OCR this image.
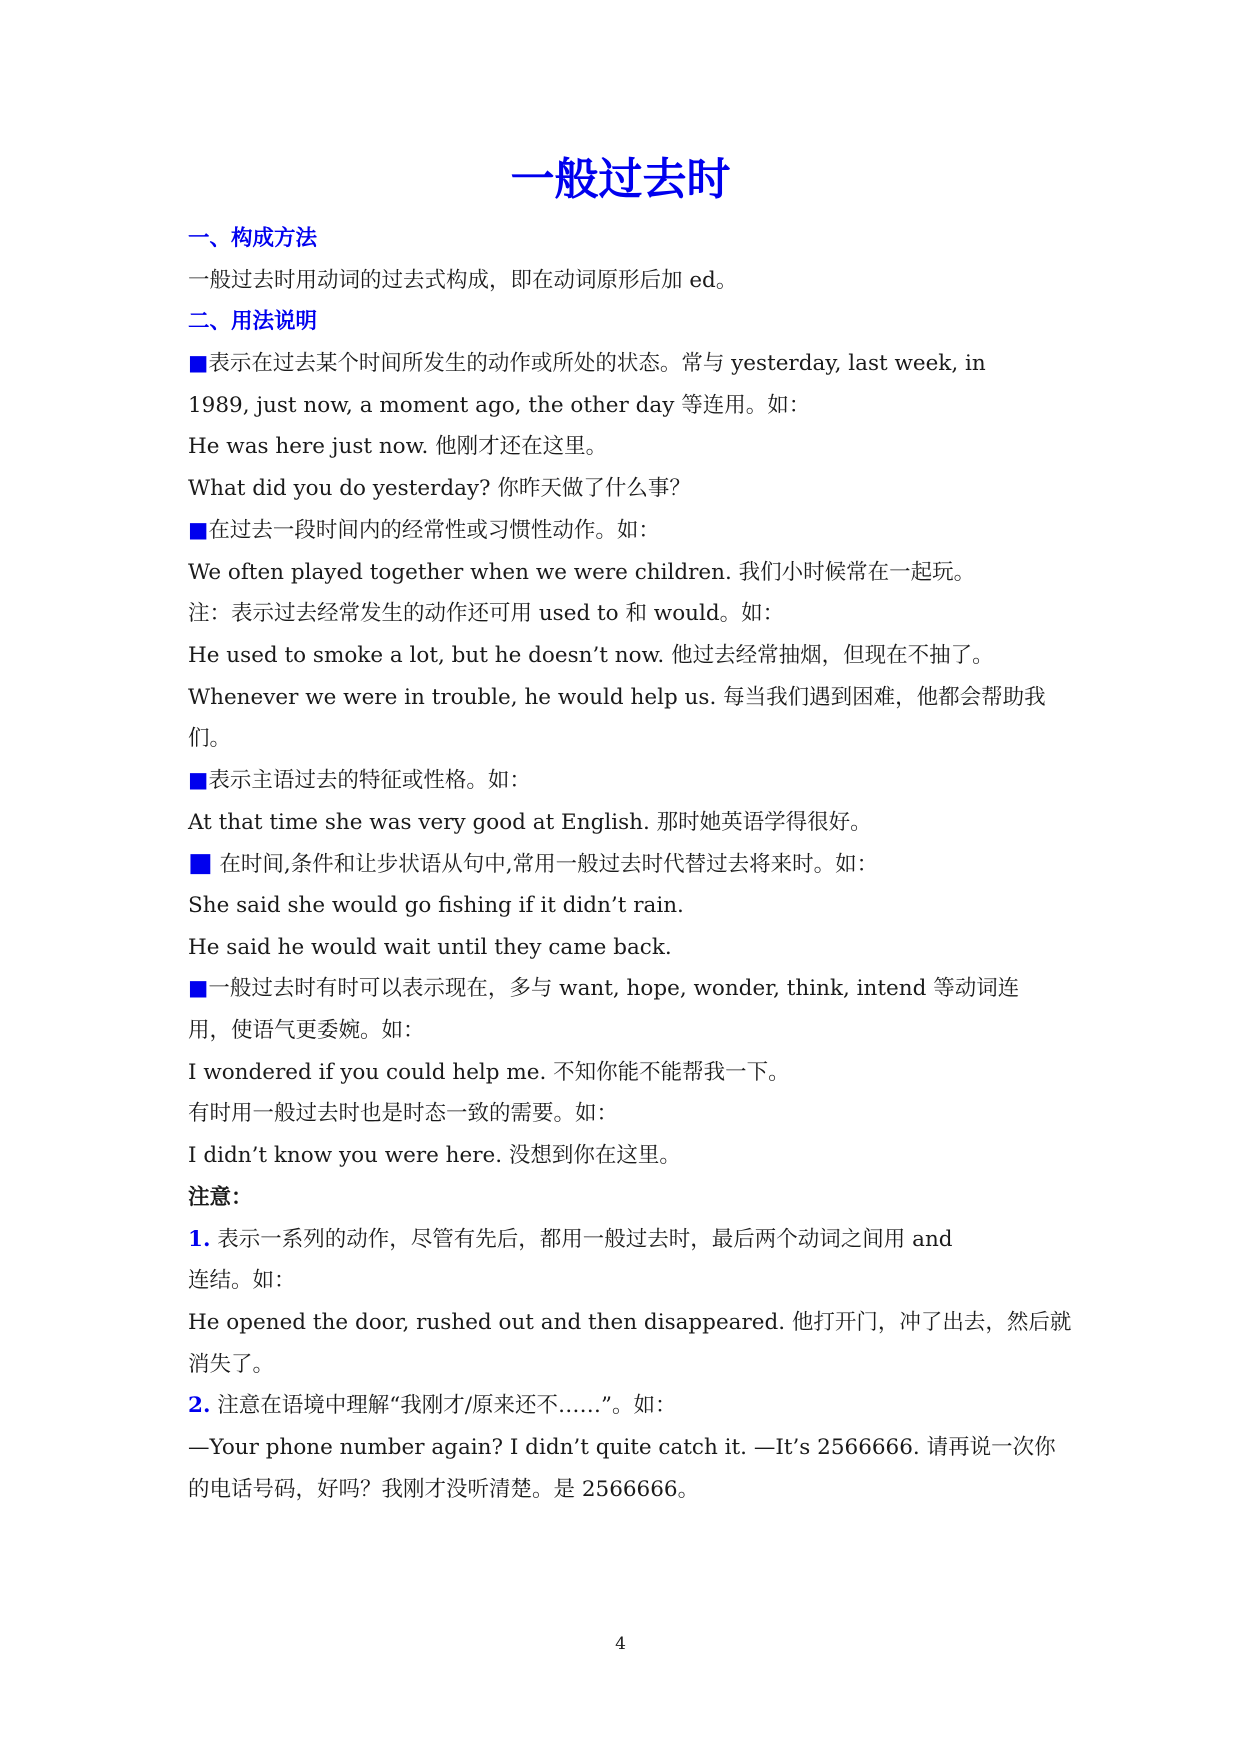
一般过去时
一、构成方法
一般过去时用动词的过去式构成，即在动词原形后加 ed。
二、用法说明
■表示在过去某个时间所发生的动作或所处的状态。常与 yesterday, last week, in
1989, just now, a moment ago, the other day 等连用。如：
He was here just now. 他刚才还在这里。
What did you do yesterday? 你昨天做了什么事？
■在过去一段时间内的经常性或习惯性动作。如：
We often played together when we were children. 我们小时候常在一起玩。
注：表示过去经常发生的动作还可用 used to 和 would。如：
He used to smoke a lot, but he doesn’t now. 他过去经常抽烟，但现在不抽了。
Whenever we were in trouble, he would help us. 每当我们遇到困难，他都会帮助我
们。
■表示主语过去的特征或性格。如：
At that time she was very good at English. 那时她英语学得很好。
■ 在时间,条件和让步状语从句中,常用一般过去时代替过去将来时。如：
She said she would go fishing if it didn’t rain.
He said he would wait until they came back.
■一般过去时有时可以表示现在，多与 want, hope, wonder, think, intend 等动词连
用，使语气更委婉。如：
I wondered if you could help me. 不知你能不能帮我一下。
有时用一般过去时也是时态一致的需要。如：
I didn’t know you were here. 没想到你在这里。
注意：
1. 表示一系列的动作，尽管有先后，都用一般过去时，最后两个动词之间用 and
连结。如：
He opened the door, rushed out and then disappeared. 他打开门，冲了出去，然后就
消失了。
2. 注意在语境中理解“我刚才/原来还不……”。如：
—Your phone number again? I didn’t quite catch it. —It’s 2566666. 请再说一次你
的电话号码，好吗？我刚才没听清楚。是 2566666。
4
